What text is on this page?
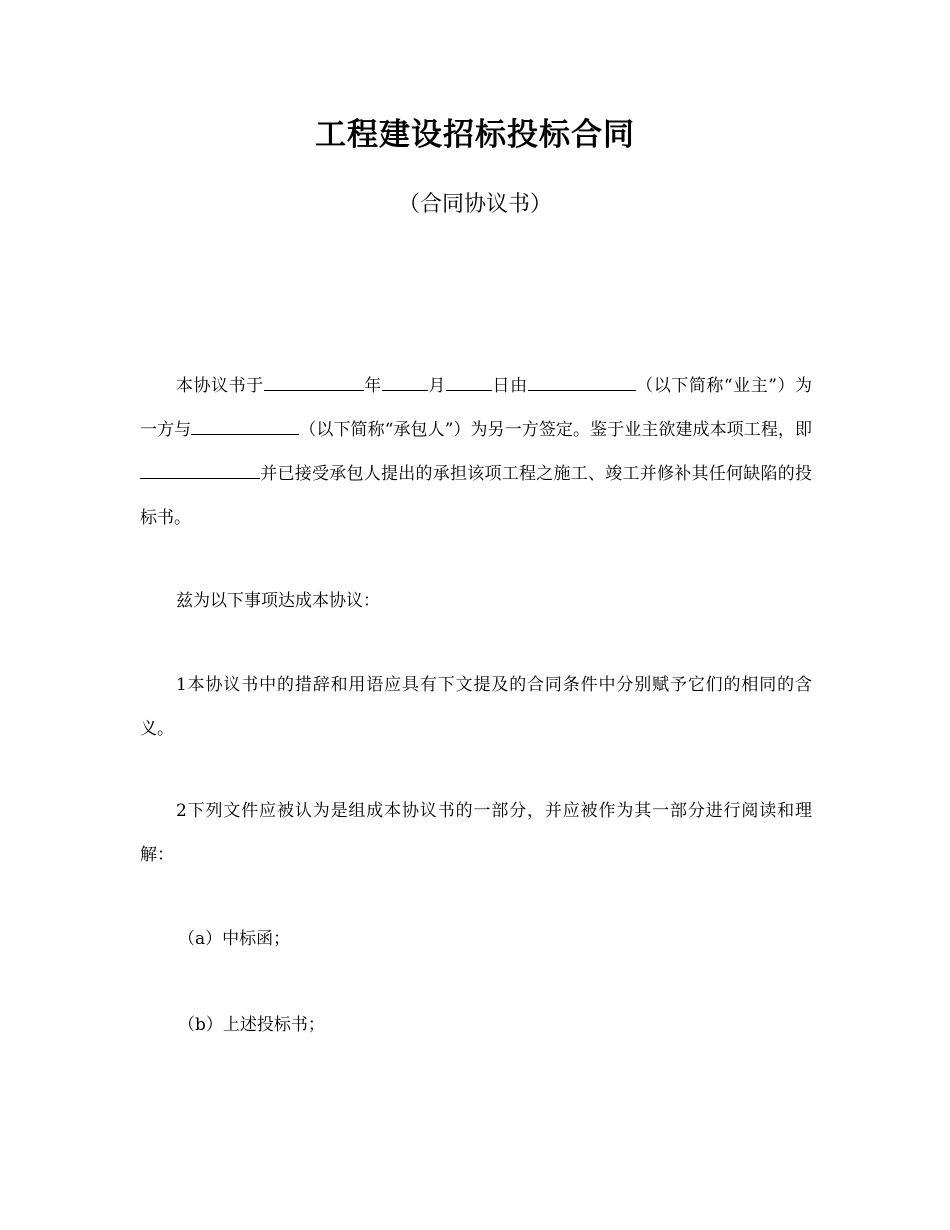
工程建设招标投标合同
（合同协议书）

本协议书于	年	月	日由	（以下简称“业主”）为一方与	（以下简称“承包人”）为另一方签定。鉴于业主欲建成本项工程，即并已接受承包人提出的承担该项工程之施工、竣工并修补其任何缺陷的投标书。

兹为以下事项达成本协议：

1本协议书中的措辞和用语应具有下文提及的合同条件中分别赋予它们的相同的含义。

2下列文件应被认为是组成本协议书的一部分，并应被作为其一部分进行阅读和理解：

（a）中标函；

（b）上述投标书；
